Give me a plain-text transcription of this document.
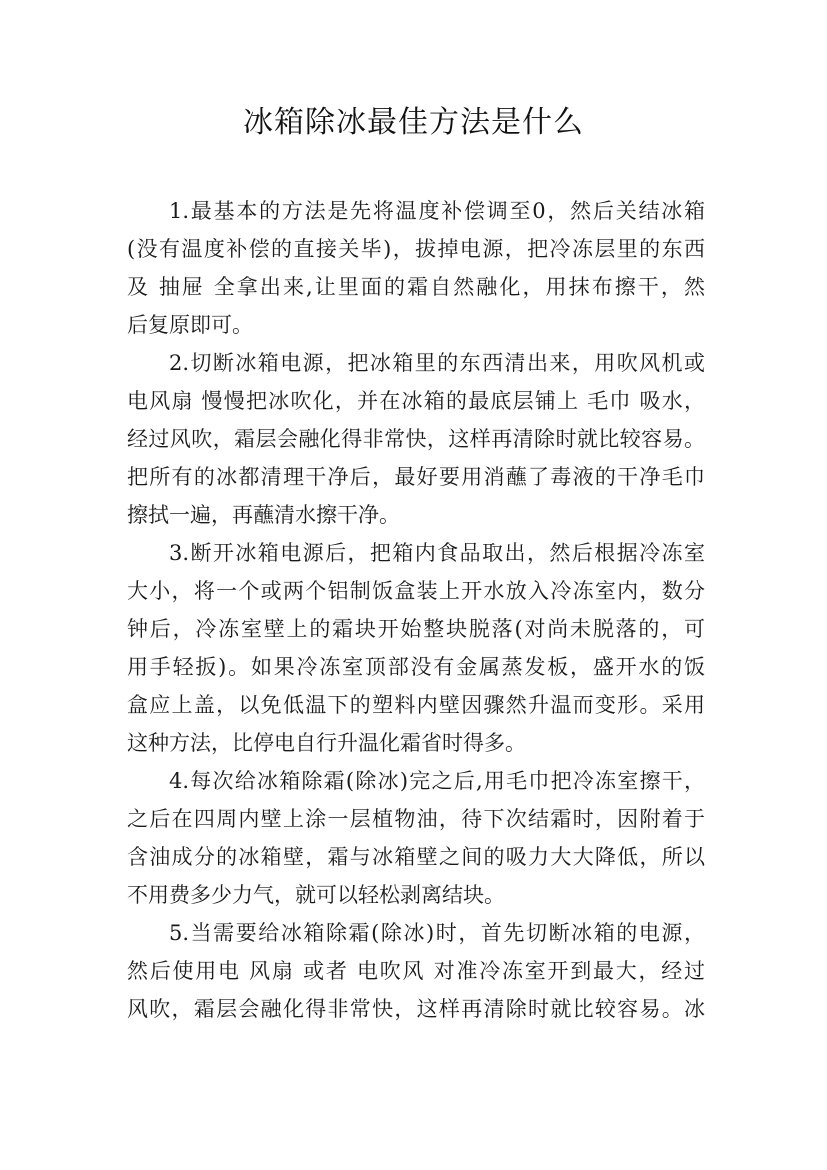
冰箱除冰最佳方法是什么
1.最基本的方法是先将温度补偿调至0，然后关结冰箱
(没有温度补偿的直接关毕)，拔掉电源，把冷冻层里的东西
及 抽屉 全拿出来,让里面的霜自然融化，用抹布擦干，然
后复原即可。
2.切断冰箱电源，把冰箱里的东西清出来，用吹风机或
电风扇 慢慢把冰吹化，并在冰箱的最底层铺上 毛巾 吸水，
经过风吹，霜层会融化得非常快，这样再清除时就比较容易。
把所有的冰都清理干净后，最好要用消蘸了毒液的干净毛巾
擦拭一遍，再蘸清水擦干净。
3.断开冰箱电源后，把箱内食品取出，然后根据冷冻室
大小，将一个或两个铝制饭盒装上开水放入冷冻室内，数分
钟后，冷冻室壁上的霜块开始整块脱落(对尚未脱落的，可
用手轻扳)。如果冷冻室顶部没有金属蒸发板，盛开水的饭
盒应上盖，以免低温下的塑料内壁因骤然升温而变形。采用
这种方法，比停电自行升温化霜省时得多。
4.每次给冰箱除霜(除冰)完之后,用毛巾把冷冻室擦干，
之后在四周内壁上涂一层植物油，待下次结霜时，因附着于
含油成分的冰箱壁，霜与冰箱壁之间的吸力大大降低，所以
不用费多少力气，就可以轻松剥离结块。
5.当需要给冰箱除霜(除冰)时，首先切断冰箱的电源，
然后使用电 风扇 或者 电吹风 对准冷冻室开到最大，经过
风吹，霜层会融化得非常快，这样再清除时就比较容易。冰
